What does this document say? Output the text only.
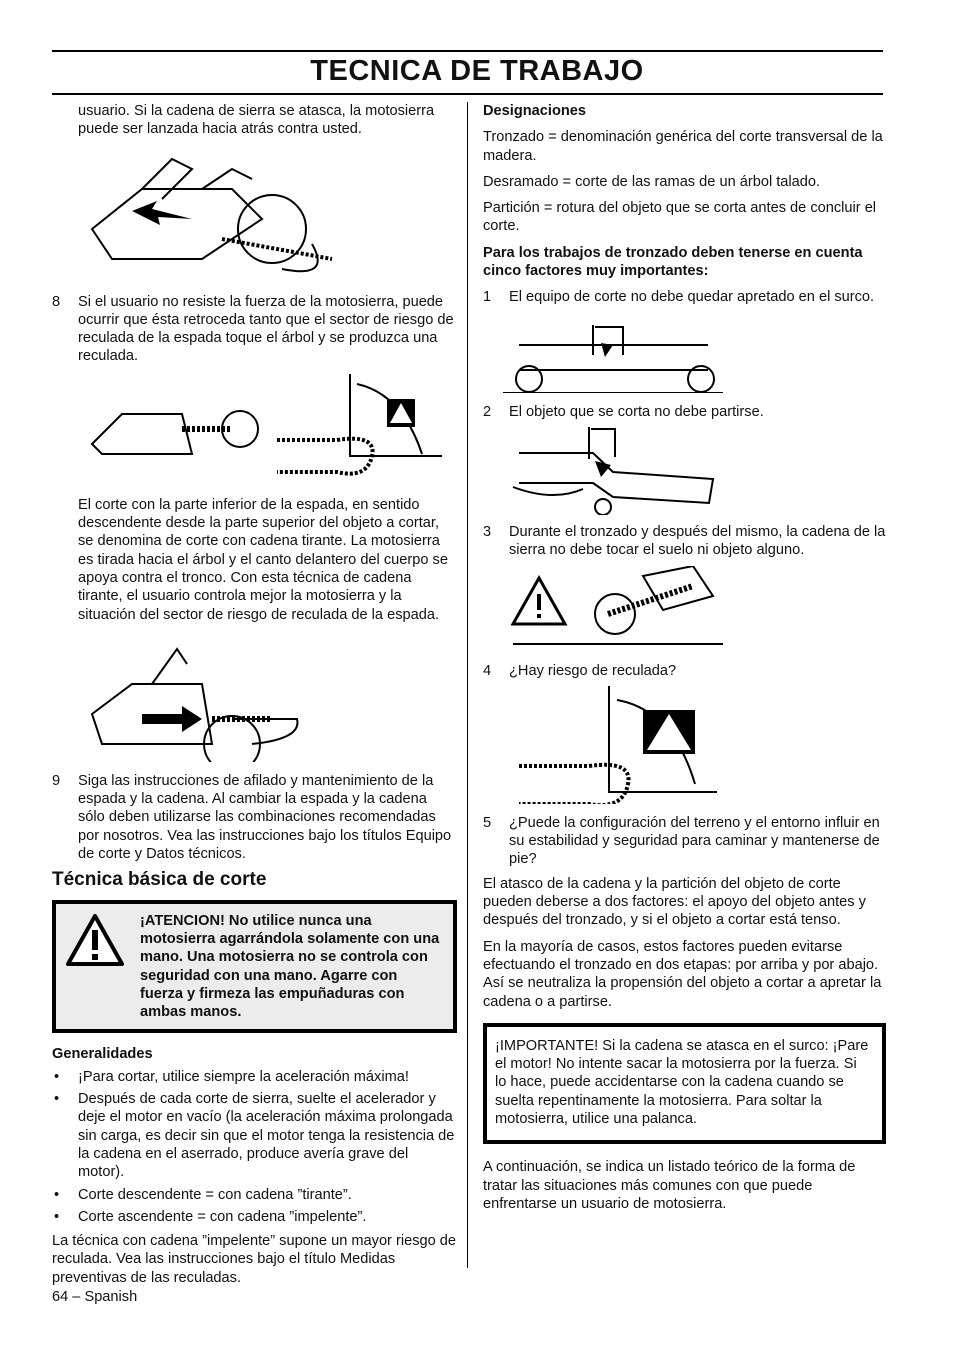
TECNICA DE TRABAJO

usuario. Si la cadena de sierra se atasca, la motosierra puede ser lanzada hacia atrás contra usted.

8 Si el usuario no resiste la fuerza de la motosierra, puede ocurrir que ésta retroceda tanto que el sector de riesgo de reculada de la espada toque el árbol y se produzca una reculada.

El corte con la parte inferior de la espada, en sentido descendente desde la parte superior del objeto a cortar, se denomina de corte con cadena tirante. La motosierra es tirada hacia el árbol y el canto delantero del cuerpo se apoya contra el tronco. Con esta técnica de cadena tirante, el usuario controla mejor la motosierra y la situación del sector de riesgo de reculada de la espada.

9 Siga las instrucciones de afilado y mantenimiento de la espada y la cadena. Al cambiar la espada y la cadena sólo deben utilizarse las combinaciones recomendadas por nosotros. Vea las instrucciones bajo los títulos Equipo de corte y Datos técnicos.

Técnica básica de corte

¡ATENCION! No utilice nunca una motosierra agarrándola solamente con una mano. Una motosierra no se controla con seguridad con una mano. Agarre con fuerza y firmeza las empuñaduras con ambas manos.

Generalidades

• ¡Para cortar, utilice siempre la aceleración máxima!

• Después de cada corte de sierra, suelte el acelerador y deje el motor en vacío (la aceleración máxima prolongada sin carga, es decir sin que el motor tenga la resistencia de la cadena en el aserrado, produce avería grave del motor).

• Corte descendente = con cadena ”tirante”.

• Corte ascendente = con cadena ”impelente”.

La técnica con cadena ”impelente” supone un mayor riesgo de reculada. Vea las instrucciones bajo el título Medidas preventivas de las reculadas.

Designaciones

Tronzado = denominación genérica del corte transversal de la madera.

Desramado = corte de las ramas de un árbol talado.

Partición = rotura del objeto que se corta antes de concluir el corte.

Para los trabajos de tronzado deben tenerse en cuenta cinco factores muy importantes:

1 El equipo de corte no debe quedar apretado en el surco.

2 El objeto que se corta no debe partirse.

3 Durante el tronzado y después del mismo, la cadena de la sierra no debe tocar el suelo ni objeto alguno.

4 ¿Hay riesgo de reculada?

5 ¿Puede la configuración del terreno y el entorno influir en su estabilidad y seguridad para caminar y mantenerse de pie?

El atasco de la cadena y la partición del objeto de corte pueden deberse a dos factores: el apoyo del objeto antes y después del tronzado, y si el objeto a cortar está tenso.

En la mayoría de casos, estos factores pueden evitarse efectuando el tronzado en dos etapas: por arriba y por abajo. Así se neutraliza la propensión del objeto a cortar a apretar la cadena o a partirse.

¡IMPORTANTE! Si la cadena se atasca en el surco: ¡Pare el motor! No intente sacar la motosierra por la fuerza. Si lo hace, puede accidentarse con la cadena cuando se suelta repentinamente la motosierra. Para soltar la motosierra, utilice una palanca.

A continuación, se indica un listado teórico de la forma de tratar las situaciones más comunes con que puede enfrentarse un usuario de motosierra.

64 – Spanish
